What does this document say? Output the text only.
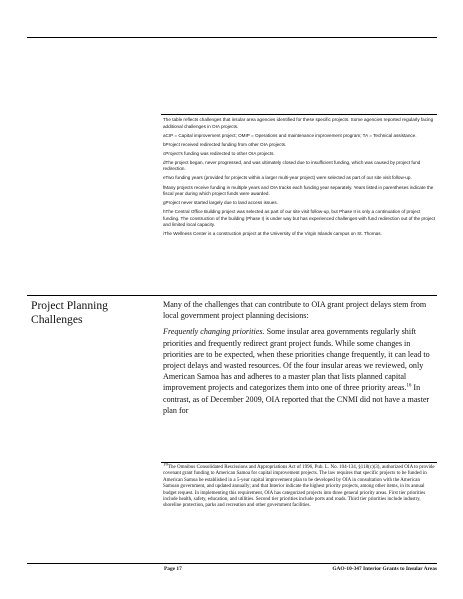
The table reflects challenges that insular area agencies identified for these specific projects. Some agencies reported regularly facing additional challenges in OIA projects.

aCIP = Capital improvement project; OMIP = Operations and maintenance improvement program; TA = Technical assistance.

bProject received redirected funding from other OIA projects.

cProject's funding was redirected to other OIA projects.

dThe project began, never progressed, and was ultimately closed due to insufficient funding, which was caused by project fund redirection.

eTwo funding years (provided for projects within a larger multi-year project) were selected as part of our site visit follow-up.

fMany projects receive funding in multiple years and OIA tracks each funding year separately. Years listed in parentheses indicate the fiscal year during which project funds were awarded.

gProject never started largely due to land access issues.

hThe Central Office Building project was selected as part of our site visit follow-up, but Phase II is only a continuation of project funding. The construction of the building (Phase I) is under way but has experienced challenges with fund redirection out of the project and limited local capacity.

iThe Wellness Center is a construction project at the University of the Virgin Islands campus on St. Thomas.

Project Planning Challenges

Many of the challenges that can contribute to OIA grant project delays stem from local government project planning decisions:

Frequently changing priorities. Some insular area governments regularly shift priorities and frequently redirect grant project funds. While some changes in priorities are to be expected, when these priorities change frequently, it can lead to project delays and wasted resources. Of the four insular areas we reviewed, only American Samoa has and adheres to a master plan that lists planned capital improvement projects and categorizes them into one of three priority areas.$^{16}$ In contrast, as of December 2009, OIA reported that the CNMI did not have a master plan for

16The Omnibus Consolidated Rescissions and Appropriations Act of 1996, Pub. L. No. 104-134, §118(c)(3), authorized OIA to provide covenant grant funding to American Samoa for capital improvement projects. The law requires that specific projects to be funded in American Samoa be established in a 5-year capital improvement plan to be developed by OIA in consultation with the American Samoan government, and updated annually; and that Interior indicate the highest priority projects, among other items, in its annual budget request. In implementing this requirement, OIA has categorized projects into three general priority areas. First tier priorities include health, safety, education, and utilities. Second tier priorities include ports and roads. Third tier priorities include industry, shoreline protection, parks and recreation and other government facilities.
Page 17	GAO-10-347 Interior Grants to Insular Areas
